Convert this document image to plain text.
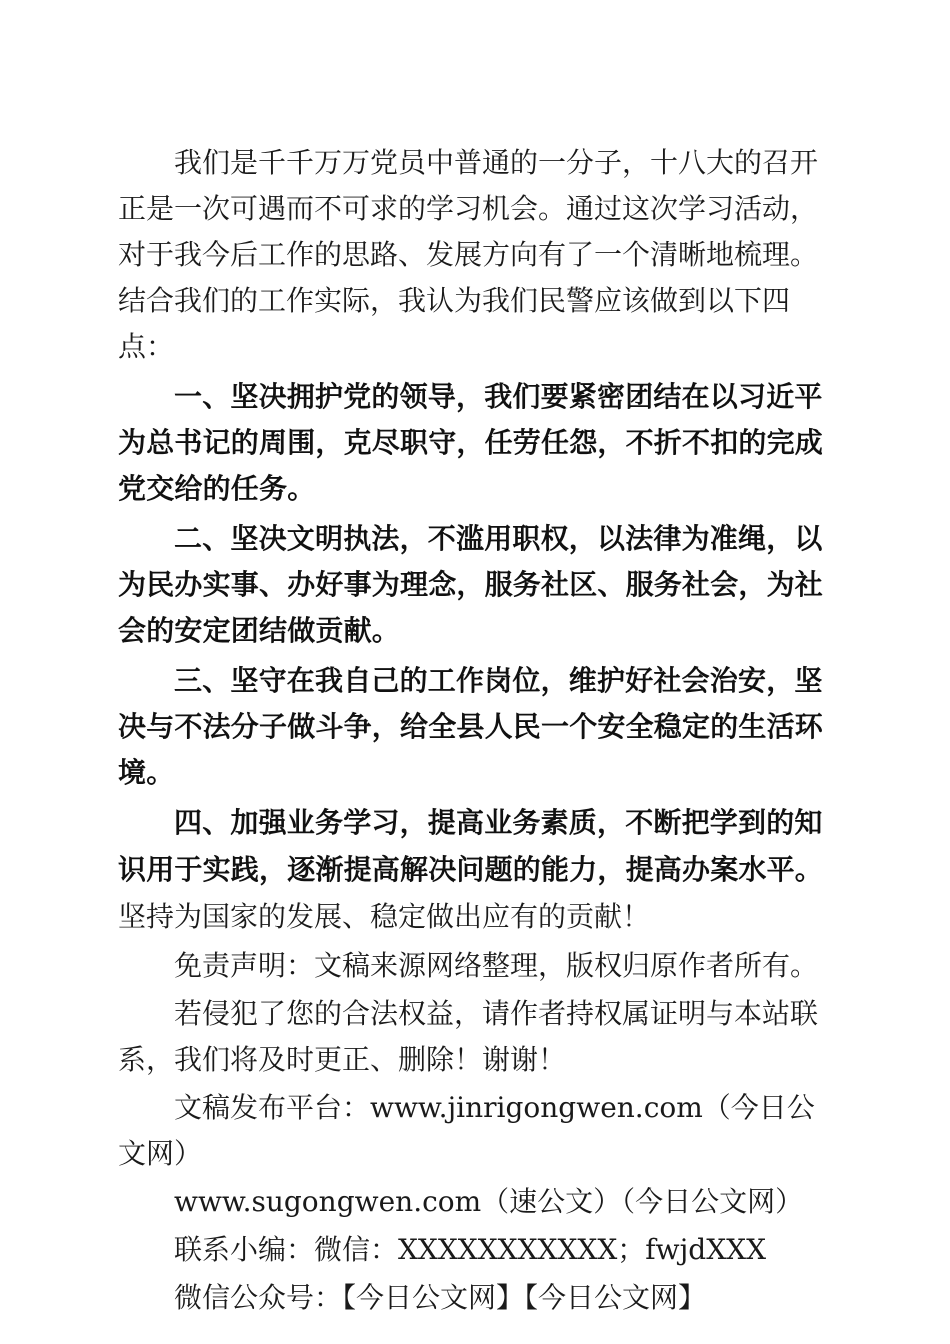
我们是千千万万党员中普通的一分子，十八大的召开正是一次可遇而不可求的学习机会。通过这次学习活动，对于我今后工作的思路、发展方向有了一个清晰地梳理。结合我们的工作实际，我认为我们民警应该做到以下四点：

一、坚决拥护党的领导，我们要紧密团结在以习近平为总书记的周围，克尽职守，任劳任怨，不折不扣的完成党交给的任务。

二、坚决文明执法，不滥用职权，以法律为准绳，以为民办实事、办好事为理念，服务社区、服务社会，为社会的安定团结做贡献。

三、坚守在我自己的工作岗位，维护好社会治安，坚决与不法分子做斗争，给全县人民一个安全稳定的生活环境。

四、加强业务学习，提高业务素质，不断把学到的知识用于实践，逐渐提高解决问题的能力，提高办案水平。坚持为国家的发展、稳定做出应有的贡献！

免责声明：文稿来源网络整理，版权归原作者所有。

若侵犯了您的合法权益，请作者持权属证明与本站联系，我们将及时更正、删除！谢谢！

文稿发布平台：www.jinrigongwen.com（今日公文网）

www.sugongwen.com（速公文）（今日公文网）

联系小编：微信：XXXXXXXXXXX；fwjdXXX

微信公众号：【今日公文网】【今日公文网】
